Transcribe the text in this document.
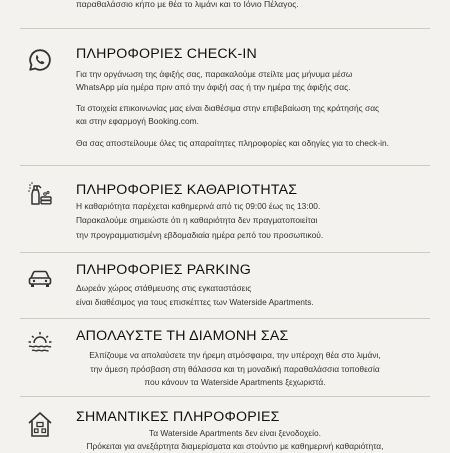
παραθαλάσσιο κήπο με θέα το λιμάνι και το Ιόνιο Πέλαγος.
ΠΛΗΡΟΦΟΡΙΕΣ CHECK-IN
Για την οργάνωση της άφιξής σας, παρακαλούμε στείλτε μας μήνυμα μέσω
WhatsApp μία ημέρα πριν από την άφιξή σας ή την ημέρα της άφιξής σας.
Τα στοιχεία επικοινωνίας μας είναι διαθέσιμα στην επιβεβαίωση της κράτησής σας
και στην εφαρμογή Booking.com.
Θα σας αποστείλουμε όλες τις απαραίτητες πληροφορίες και οδηγίες για το check-in.
ΠΛΗΡΟΦΟΡΙΕΣ ΚΑΘΑΡΙΟΤΗΤΑΣ
Η καθαριότητα παρέχεται καθημερινά από τις 09:00 έως τις 13:00.
Παρακαλούμε σημειώστε ότι η καθαριότητα δεν πραγματοποιείται
την προγραμματισμένη εβδομαδιαία ημέρα ρεπό του προσωπικού.
ΠΛΗΡΟΦΟΡΙΕΣ PARKING
Δωρεάν χώρος στάθμευσης στις εγκαταστάσεις
είναι διαθέσιμος για τους επισκέπτες των Waterside Apartments.
ΑΠΟΛΑΥΣΤΕ ΤΗ ΔΙΑΜΟΝΗ ΣΑΣ
Ελπίζουμε να απολαύσετε την ήρεμη ατμόσφαιρα, την υπέροχη θέα στο λιμάνι,
την άμεση πρόσβαση στη θάλασσα και τη μοναδική παραθαλάσσια τοποθεσία
που κάνουν τα Waterside Apartments ξεχωριστά.
ΣΗΜΑΝΤΙΚΕΣ ΠΛΗΡΟΦΟΡΙΕΣ
Τα Waterside Apartments δεν είναι ξενοδοχείο.
Πρόκειται για ανεξάρτητα διαμερίσματα και στούντιο με καθημερινή καθαριότητα,
